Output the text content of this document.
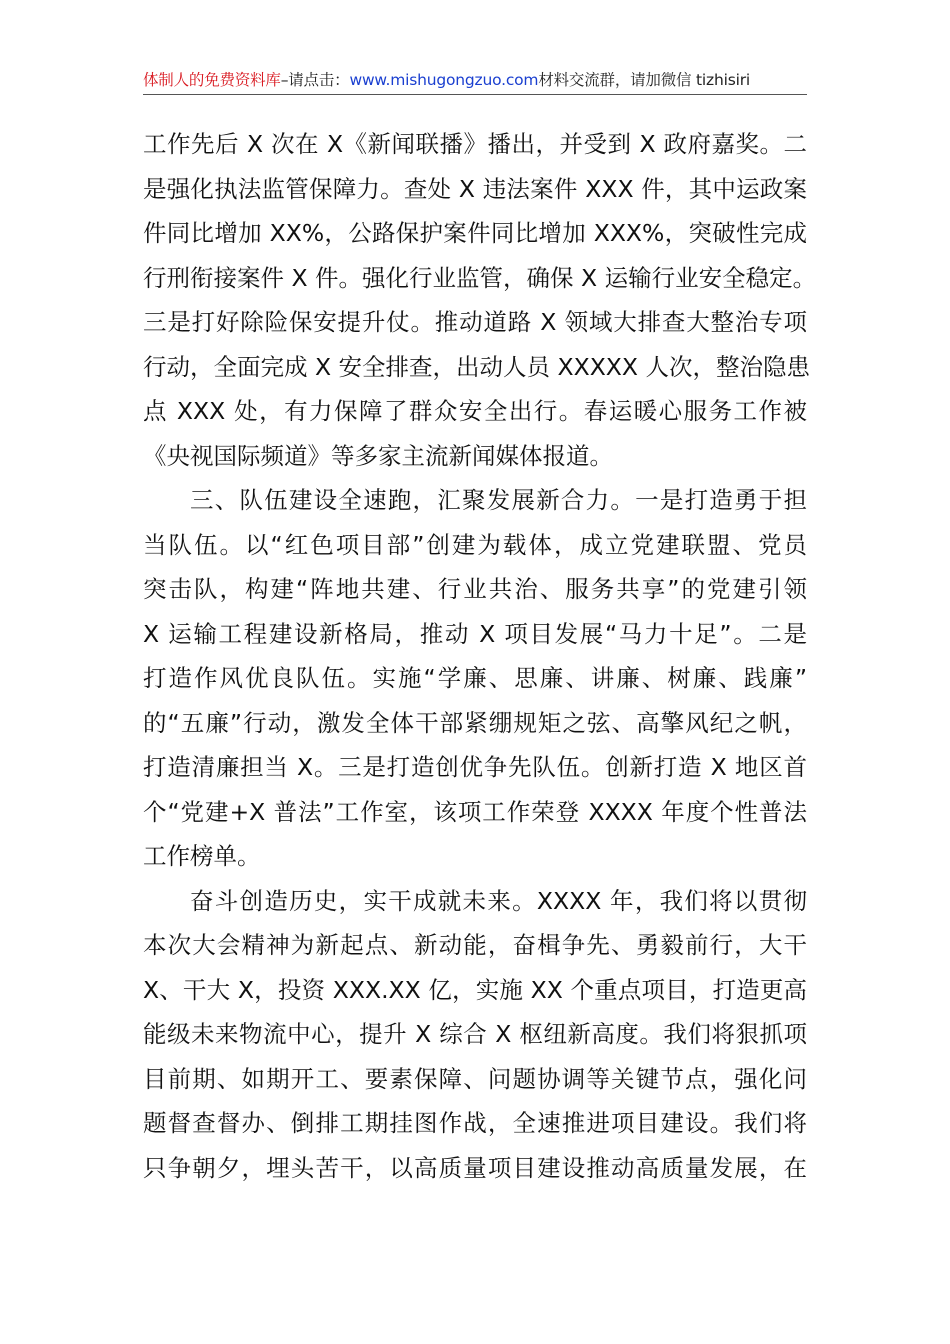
体制人的免费资料库–请点击：www.mishugongzuo.com材料交流群，请加微信 tizhisiri
工作先后 X 次在 X《新闻联播》播出，并受到 X 政府嘉奖。二
是强化执法监管保障力。查处 X 违法案件 XXX 件，其中运政案
件同比增加 XX%，公路保护案件同比增加 XXX%，突破性完成
行刑衔接案件 X 件。强化行业监管，确保 X 运输行业安全稳定。
三是打好除险保安提升仗。推动道路 X 领域大排查大整治专项
行动，全面完成 X 安全排查，出动人员 XXXXX 人次，整治隐患
点 XXX 处，有力保障了群众安全出行。春运暖心服务工作被
《央视国际频道》等多家主流新闻媒体报道。
三、队伍建设全速跑，汇聚发展新合力。一是打造勇于担
当队伍。以“红色项目部”创建为载体，成立党建联盟、党员
突击队，构建“阵地共建、行业共治、服务共享”的党建引领
X 运输工程建设新格局，推动 X 项目发展“马力十足”。二是
打造作风优良队伍。实施“学廉、思廉、讲廉、树廉、践廉”
的“五廉”行动，激发全体干部紧绷规矩之弦、高擎风纪之帆，
打造清廉担当 X。三是打造创优争先队伍。创新打造 X 地区首
个“党建+X 普法”工作室，该项工作荣登 XXXX 年度个性普法
工作榜单。
奋斗创造历史，实干成就未来。XXXX 年，我们将以贯彻
本次大会精神为新起点、新动能，奋楫争先、勇毅前行，大干
X、干大 X，投资 XXX.XX 亿，实施 XX 个重点项目，打造更高
能级未来物流中心，提升 X 综合 X 枢纽新高度。我们将狠抓项
目前期、如期开工、要素保障、问题协调等关键节点，强化问
题督查督办、倒排工期挂图作战，全速推进项目建设。我们将
只争朝夕，埋头苦干，以高质量项目建设推动高质量发展，在
